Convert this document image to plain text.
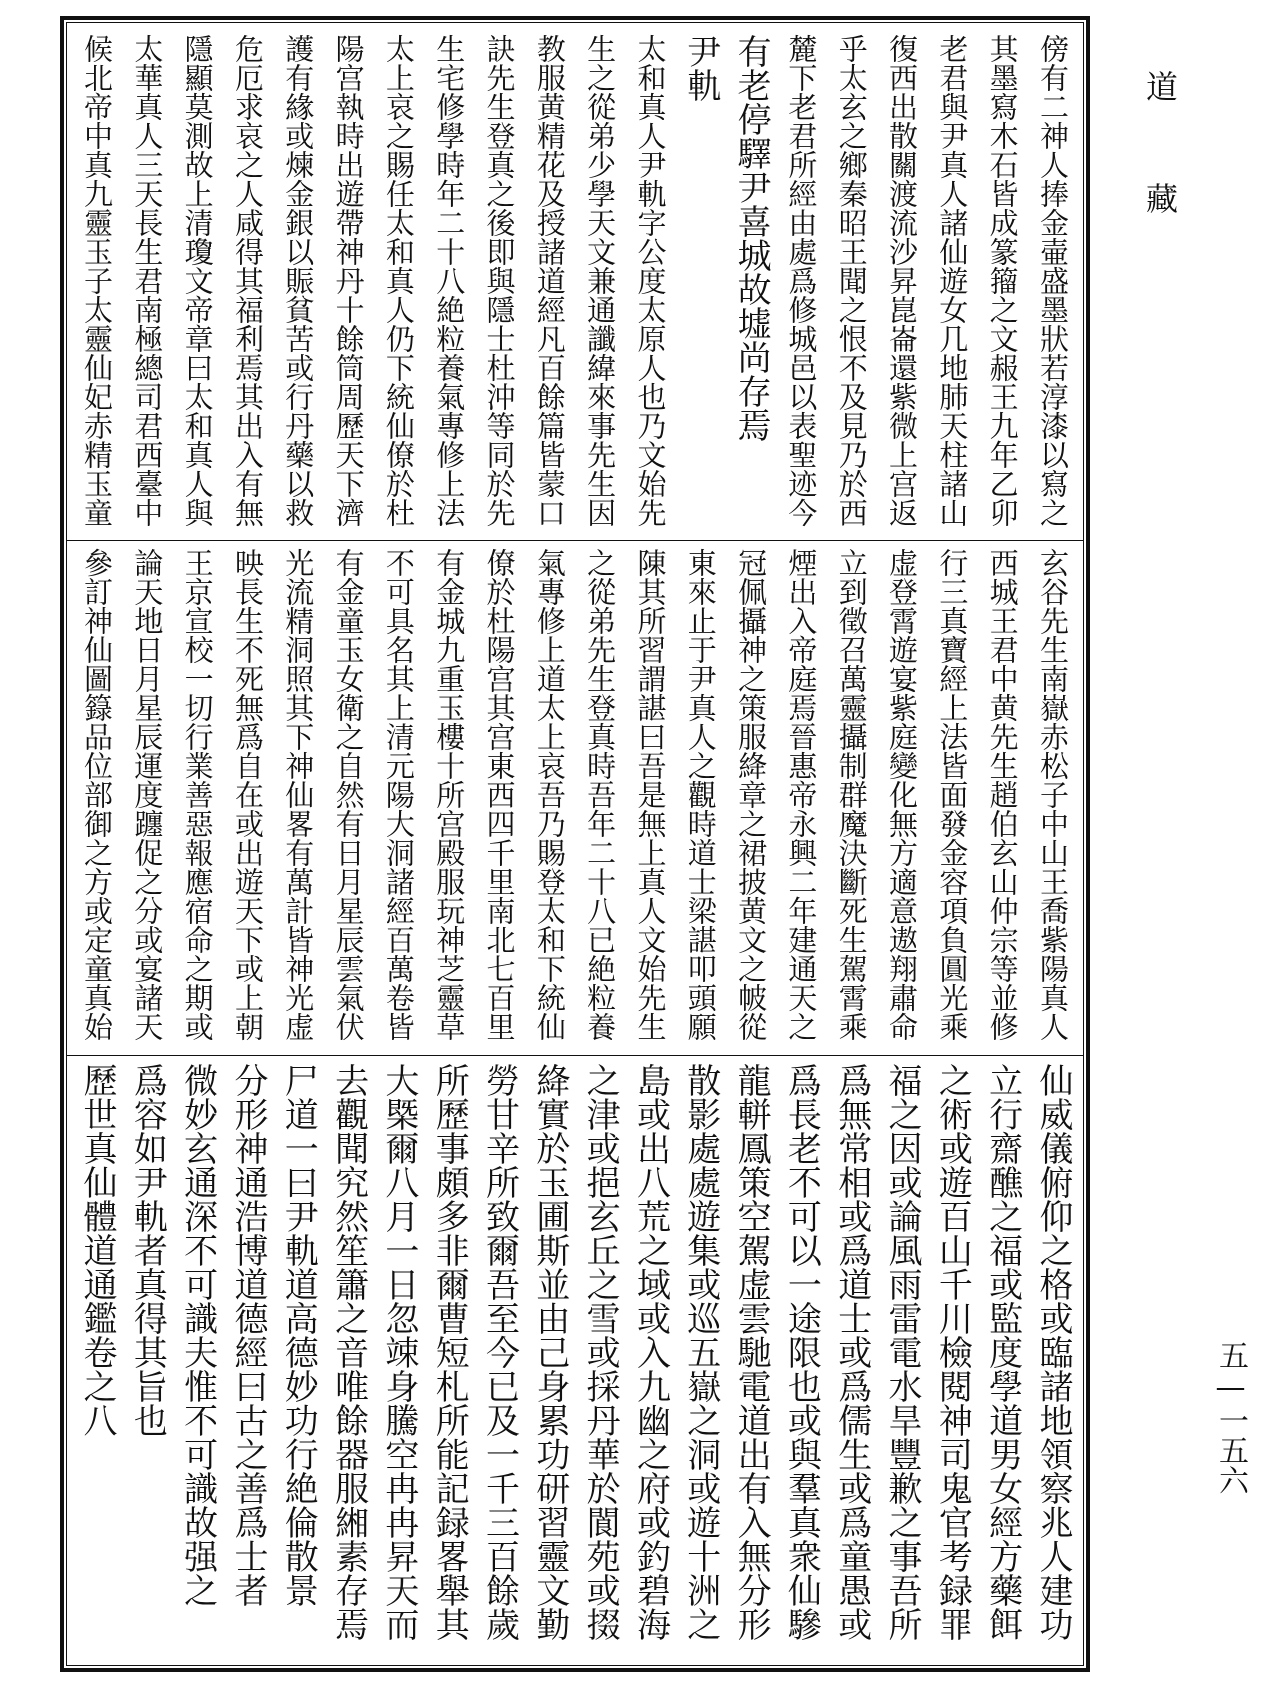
傍有二神人捧金壷盛墨狀若淳漆以寫之
其墨寫木石皆成篆籀之文赧王九年乙卯
老君與尹真人諸仙遊女几地肺天柱諸山
復西出散關渡流沙昇崑崙還紫微上宫返
乎太玄之鄉秦昭王聞之恨不及見乃於西
麓下老君所經由處爲修城邑以表聖迹今
有老停驛尹喜城故墟尚存焉
尹軌
太和真人尹軌字公度太原人也乃文始先
生之從弟少學天文兼通讖緯來事先生因
教服黄精花及授諸道經凡百餘篇皆蒙口
訣先生登真之後即與隱士杜沖等同於先
生宅修學時年二十八絶粒養氣專修上法
太上哀之賜任太和真人仍下統仙僚於杜
陽宫執時出遊帶神丹十餘筒周歷天下濟
護有緣或煉金銀以賑貧苦或行丹藥以救
危厄求哀之人咸得其福利焉其出入有無
隱顯莫測故上清瓊文帝章曰太和真人與
太華真人三天長生君南極總司君西臺中
候北帝中真九靈玉子太靈仙妃赤精玉童
玄谷先生南嶽赤松子中山王喬紫陽真人
西城王君中黄先生趙伯玄山仲宗等並修
行三真寶經上法皆面發金容項負圓光乘
虚登霄遊宴紫庭變化無方適意遨翔肅命
立到徵召萬靈攝制群魔決斷死生駕霄乘
煙出入帝庭焉晉惠帝永興二年建通天之
冠佩攝神之策服絳章之裙披黄文之帔從
東來止于尹真人之觀時道士梁諶叩頭願
陳其所習謂諶曰吾是無上真人文始先生
之從弟先生登真時吾年二十八已絶粒養
氣專修上道太上哀吾乃賜登太和下統仙
僚於杜陽宫其宫東西四千里南北七百里
有金城九重玉樓十所宫殿服玩神芝靈草
不可具名其上清元陽大洞諸經百萬卷皆
有金童玉女衛之自然有日月星辰雲氣伏
光流精洞照其下神仙畧有萬計皆神光虚
映長生不死無爲自在或出遊天下或上朝
王京宣校一切行業善惡報應宿命之期或
論天地日月星辰運度躔促之分或宴諸天
參訂神仙圖籙品位部御之方或定童真始
仙威儀俯仰之格或臨諸地領察兆人建功
立行齋醮之福或監度學道男女經方藥餌
之術或遊百山千川檢閱神司鬼官考録罪
福之因或論風雨雷電水旱豐歉之事吾所
爲無常相或爲道士或爲儒生或爲童愚或
爲長老不可以一途限也或與羣真衆仙驂
龍軿鳳策空駕虚雲馳電道出有入無分形
散影處處遊集或巡五嶽之洞或遊十洲之
島或出八荒之域或入九幽之府或釣碧海
之津或挹玄丘之雪或採丹華於閬苑或掇
絳實於玉圃斯並由己身累功研習靈文勤
勞甘辛所致爾吾至今已及一千三百餘歲
所歷事頗多非爾曹短札所能記録畧舉其
大槩爾八月一日忽竦身騰空冉冉昇天而
去觀聞究然笙簫之音唯餘器服緗素存焉
尸道一曰尹軌道高德妙功行絶倫散景
分形神通浩博道德經曰古之善爲士者
微妙玄通深不可識夫惟不可識故强之
爲容如尹軌者真得其旨也
歷世真仙體道通鑑卷之八
道藏
五—一五六
